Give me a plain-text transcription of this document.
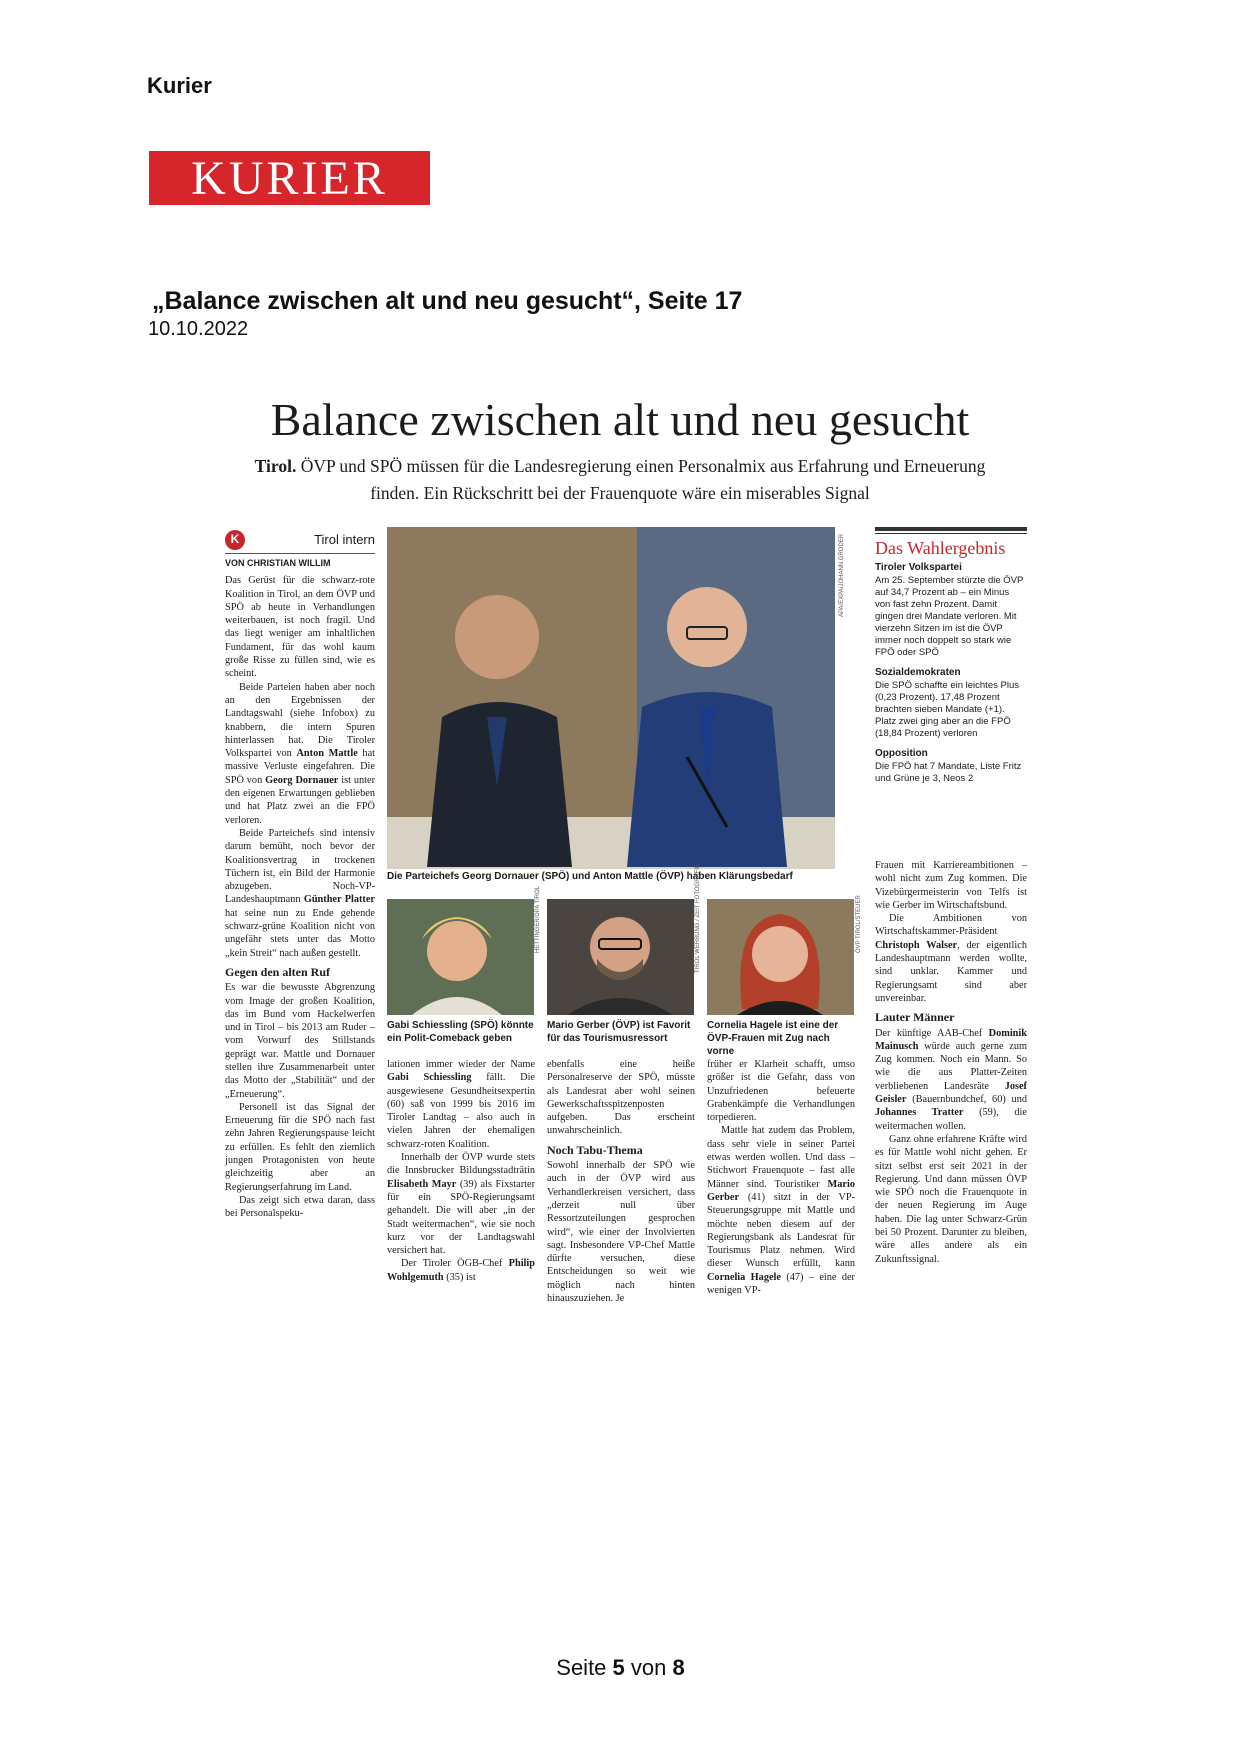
Kurier
KURIER
„Balance zwischen alt und neu gesucht“, Seite 17
10.10.2022
Balance zwischen alt und neu gesucht
Tirol. ÖVP und SPÖ müssen für die Landesregierung einen Personalmix aus Erfahrung und Erneuerung finden. Ein Rückschritt bei der Frauenquote wäre ein miserables Signal
K	Tirol intern
VON CHRISTIAN WILLIM

Das Gerüst für die schwarz-rote Koalition in Tirol, an dem ÖVP und SPÖ ab heute in Verhandlungen weiterbauen, ist noch fragil. Und das liegt weniger am inhaltlichen Fundament, für das wohl kaum große Risse zu füllen sind, wie es scheint.

Beide Parteien haben aber noch an den Ergebnissen der Landtagswahl (siehe Infobox) zu knabbern, die intern Spuren hinterlassen hat. Die Tiroler Volkspartei von Anton Mattle hat massive Verluste eingefahren. Die SPÖ von Georg Dornauer ist unter den eigenen Erwartungen geblieben und hat Platz zwei an die FPÖ verloren.

Beide Parteichefs sind intensiv darum bemüht, noch bevor der Koalitionsvertrag in trockenen Tüchern ist, ein Bild der Harmonie abzugeben. Noch-VP-Landeshauptmann Günther Platter hat seine nun zu Ende gehende schwarz-grüne Koalition nicht von ungefähr stets unter das Motto „kein Streit“ nach außen gestellt.

Gegen den alten Ruf

Es war die bewusste Abgrenzung vom Image der großen Koalition, das im Bund vom Hackelwerfen und in Tirol – bis 2013 am Ruder – vom Vorwurf des Stillstands geprägt war. Mattle und Dornauer stellen ihre Zusammenarbeit unter das Motto der „Stabilität“ und der „Erneuerung“.

Personell ist das Signal der Erneuerung für die SPÖ nach fast zehn Jahren Regierungspause leicht zu erfüllen. Es fehlt den ziemlich jungen Protagonisten von heute gleichzeitig aber an Regierungserfahrung im Land.

Das zeigt sich etwa daran, dass bei Personalspeku-

APA/EXPA/JOHANN GRODER
Die Parteichefs Georg Dornauer (SPÖ) und Anton Mattle (ÖVP) haben Klärungsbedarf
HETTINGER/DPA TIROL	TIROL WERBUNG / ZEIT FOTOGRAFIE	ÖVP TIROL/STEUER
Gabi Schiessling (SPÖ) könnte ein Polit-Comeback geben
Mario Gerber (ÖVP) ist Favorit für das Tourismusressort
Cornelia Hagele ist eine der ÖVP-Frauen mit Zug nach vorne
Das Wahlergebnis
Tiroler Volkspartei

Am 25. September stürzte die ÖVP auf 34,7 Prozent ab – ein Minus von fast zehn Prozent. Damit gingen drei Mandate verloren. Mit vierzehn Sitzen im ist die ÖVP immer noch doppelt so stark wie FPÖ oder SPÖ

Sozialdemokraten

Die SPÖ schaffte ein leichtes Plus (0,23 Prozent). 17,48 Prozent brachten sieben Mandate (+1). Platz zwei ging aber an die FPÖ (18,84 Prozent) verloren

Opposition

Die FPÖ hat 7 Mandate, Liste Fritz und Grüne je 3, Neos 2

lationen immer wieder der Name Gabi Schiessling fällt. Die ausgewiesene Gesundheitsexpertin (60) saß von 1999 bis 2016 im Tiroler Landtag – also auch in vielen Jahren der ehemaligen schwarz-roten Koalition.

Innerhalb der ÖVP wurde stets die Innsbrucker Bildungsstadträtin Elisabeth Mayr (39) als Fixstarter für ein SPÖ-Regierungsamt gehandelt. Die will aber „in der Stadt weitermachen“, wie sie noch kurz vor der Landtagswahl versichert hat.

Der Tiroler ÖGB-Chef Philip Wohlgemuth (35) ist

ebenfalls eine heiße Personalreserve der SPÖ, müsste als Landesrat aber wohl seinen Gewerkschaftsspitzenposten aufgeben. Das erscheint unwahrscheinlich.

Noch Tabu-Thema

Sowohl innerhalb der SPÖ wie auch in der ÖVP wird aus Verhandlerkreisen versichert, dass „derzeit null über Ressortzuteilungen gesprochen wird“, wie einer der Involvierten sagt. Insbesondere VP-Chef Mattle dürfte versuchen, diese Entscheidungen so weit wie möglich nach hinten hinauszuziehen. Je

früher er Klarheit schafft, umso größer ist die Gefahr, dass von Unzufriedenen befeuerte Grabenkämpfe die Verhandlungen torpedieren.

Mattle hat zudem das Problem, dass sehr viele in seiner Partei etwas werden wollen. Und dass – Stichwort Frauenquote – fast alle Männer sind. Touristiker Mario Gerber (41) sitzt in der VP-Steuerungsgruppe mit Mattle und möchte neben diesem auf der Regierungsbank als Landesrat für Tourismus Platz nehmen. Wird dieser Wunsch erfüllt, kann Cornelia Hagele (47) – eine der wenigen VP-

Frauen mit Karriereambitionen – wohl nicht zum Zug kommen. Die Vizebürgermeisterin von Telfs ist wie Gerber im Wirtschaftsbund.

Die Ambitionen von Wirtschaftskammer-Präsident Christoph Walser, der eigentlich Landeshauptmann werden wollte, sind unklar. Kammer und Regierungsamt sind aber unvereinbar.

Lauter Männer

Der künftige AAB-Chef Dominik Mainusch würde auch gerne zum Zug kommen. Noch ein Mann. So wie die aus Platter-Zeiten verbliebenen Landesräte Josef Geisler (Bauernbundchef, 60) und Johannes Tratter (59), die weitermachen wollen.

Ganz ohne erfahrene Kräfte wird es für Mattle wohl nicht gehen. Er sitzt selbst erst seit 2021 in der Regierung. Und dann müssen ÖVP wie SPÖ noch die Frauenquote in der neuen Regierung im Auge haben. Die lag unter Schwarz-Grün bei 50 Prozent. Darunter zu bleiben, wäre alles andere als ein Zukunftssignal.

Seite 5 von 8
